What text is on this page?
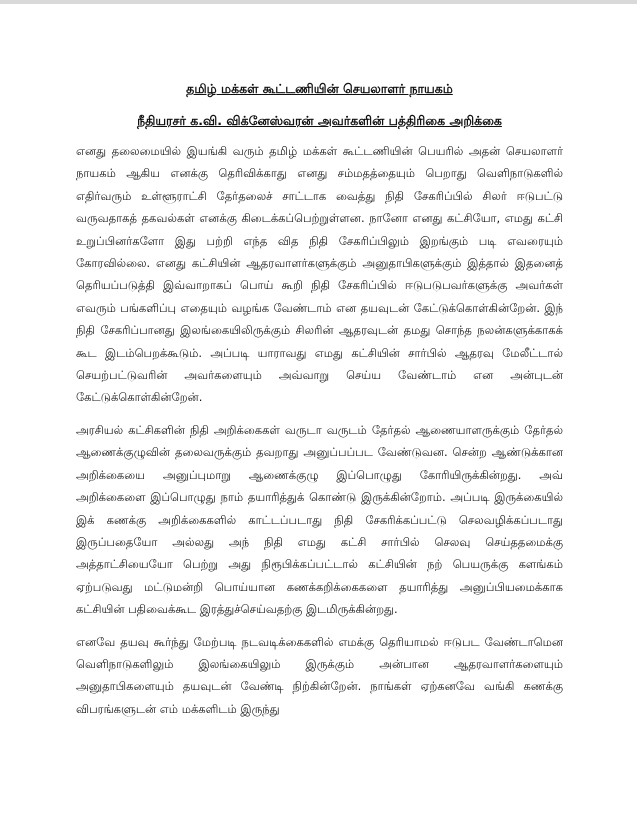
தமிழ் மக்கள் கூட்டணியின் செயலாளர் நாயகம்

நீதியரசர் க.வி. விக்னேஸ்வரன் அவர்களின் பத்திரிகை அறிக்கை

எனது தலைமையில் இயங்கி வரும் தமிழ் மக்கள் கூட்டணியின் பெயரில் அதன் செயலாளர் நாயகம் ஆகிய எனக்கு தெரிவிக்காது எனது சம்மதத்தையும் பெறாது வெளிநாடுகளில் எதிர்வரும் உள்ளூராட்சி தேர்தலைச் சாட்டாக வைத்து நிதி சேகரிப்பில் சிலர் ஈடுபட்டு வருவதாகத் தகவல்கள் எனக்கு கிடைக்கப்பெற்றுள்ளன. நானோ எனது கட்சியோ, எமது கட்சி உறுப்பினர்களோ இது பற்றி எந்த வித நிதி சேகரிப்பிலும் இறங்கும் படி எவரையும் கோரவில்லை. எனது கட்சியின் ஆதரவாளர்களுக்கும் அனுதாபிகளுக்கும் இத்தால் இதனைத் தெரியப்படுத்தி இவ்வாறாகப் பொய் கூறி நிதி சேகரிப்பில் ஈடுபடுபவர்களுக்கு அவர்கள் எவரும் பங்களிப்பு எதையும் வழங்க வேண்டாம் என தயவுடன் கேட்டுக்கொள்கின்றேன். இந் நிதி சேகரிப்பானது இலங்கையிலிருக்கும் சிலரின் ஆதரவுடன் தமது சொந்த நலன்களுக்காகக் கூட இடம்பெறக்கூடும். அப்படி யாராவது எமது கட்சியின் சார்பில் ஆதரவு மேலீட்டால் செயற்பட்டுவரின் அவர்களையும் அவ்வாறு செய்ய வேண்டாம் என அன்புடன் கேட்டுக்கொள்கின்றேன்.

அரசியல் கட்சிகளின் நிதி அறிக்கைகள் வருடா வருடம் தேர்தல் ஆணையாளருக்கும் தேர்தல் ஆணைக்குழுவின் தலைவருக்கும் தவறாது அனுப்பப்பட வேண்டுவன. சென்ற ஆண்டுக்கான அறிக்கையை அனுப்புமாறு ஆணைக்குழு இப்பொழுது கோரியிருக்கின்றது. அவ் அறிக்கைளை இப்பொழுது நாம் தயாரித்துக் கொண்டு இருக்கின்றோம். அப்படி இருக்கையில் இக் கணக்கு அறிக்கைகளில் காட்டப்படாது நிதி சேகரிக்கப்பட்டு செலவழிக்கப்படாது இருப்பதையோ அல்லது அந் நிதி எமது கட்சி சார்பில் செலவு செய்ததமைக்கு அத்தாட்சியையோ பெற்று அது நிரூபிக்கப்பட்டால் கட்சியின் நற் பெயருக்கு களங்கம் ஏற்படுவது மட்டுமன்றி பொய்யான கணக்கறிக்கைகளை தயாரித்து அனுப்பியமைக்காக கட்சியின் பதிவைக்கூட இரத்துச்செய்வதற்கு இடமிருக்கின்றது.

எனவே தயவு கூர்ந்து மேற்படி நடவடிக்கைகளில் எமக்கு தெரியாமல் ஈடுபட வேண்டாமென வெளிநாடுகளிலும் இலங்கையிலும் இருக்கும் அன்பான ஆதரவாளர்களையும் அனுதாபிகளையும் தயவுடன் வேண்டி நிற்கின்றேன். நாங்கள் ஏற்கனவே வங்கி கணக்கு விபரங்களுடன் எம் மக்களிடம் இருந்து
